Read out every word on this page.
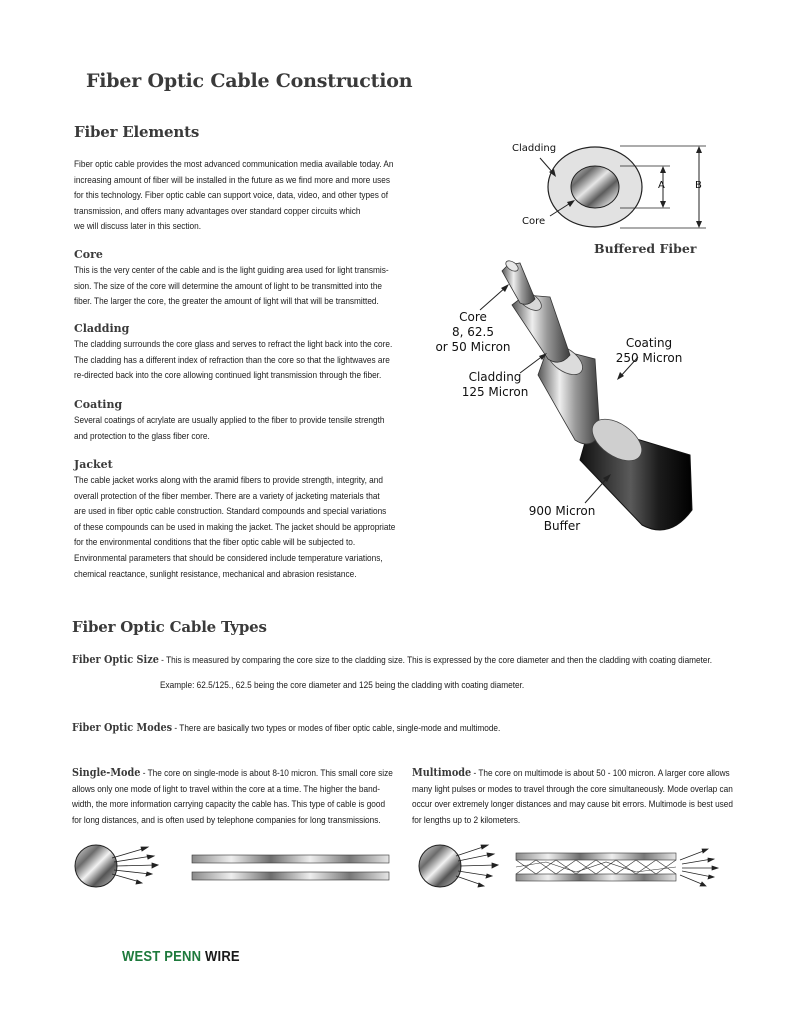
Fiber Optic Cable Construction
Fiber Elements
Fiber optic cable provides the most advanced communication media available today. An
increasing amount of fiber will be installed in the future as we find more and more uses
for this technology. Fiber optic cable can support voice, data, video, and other types of
transmission, and offers many advantages over standard copper circuits which
we will discuss later in this section.
Core
This is the very center of the cable and is the light guiding area used for light transmis-
sion. The size of the core will determine the amount of light to be transmitted into the
fiber. The larger the core, the greater the amount of light will that will be transmitted.
Cladding
The cladding surrounds the core glass and serves to refract the light back into the core.
The cladding has a different index of refraction than the core so that the lightwaves are
re-directed back into the core allowing continued light transmission through the fiber.
Coating
Several coatings of acrylate are usually applied to the fiber to provide tensile strength
and protection to the glass fiber core.
Jacket
The cable jacket works along with the aramid fibers to provide strength, integrity, and
overall protection of the fiber member. There are a variety of jacketing materials that
are used in fiber optic cable construction. Standard compounds and special variations
of these compounds can be used in making the jacket. The jacket should be appropriate
for the environmental conditions that the fiber optic cable will be subjected to.
Environmental parameters that should be considered include temperature variations,
chemical reactance, sunlight resistance, mechanical and abrasion resistance.
Cladding
Core
A	B
Buffered Fiber
Core
8, 62.5
or 50 Micron
Cladding
125 Micron
Coating
250 Micron
900 Micron
Buffer
Fiber Optic Cable Types
Fiber Optic Size - This is measured by comparing the core size to the cladding size. This is expressed by the core diameter and then the cladding with coating diameter.
Example: 62.5/125., 62.5 being the core diameter and 125 being the cladding with coating diameter.
Fiber Optic Modes - There are basically two types or modes of fiber optic cable, single-mode and multimode.
Single-Mode - The core on single-mode is about 8-10 micron. This small core size
allows only one mode of light to travel within the core at a time. The higher the band-
width, the more information carrying capacity the cable has. This type of cable is good
for long distances, and is often used by telephone companies for long transmissions.
Multimode - The core on multimode is about 50 - 100 micron. A larger core allows
many light pulses or modes to travel through the core simultaneously. Mode overlap can
occur over extremely longer distances and may cause bit errors. Multimode is best used
for lengths up to 2 kilometers.
WEST PENN WIRE
